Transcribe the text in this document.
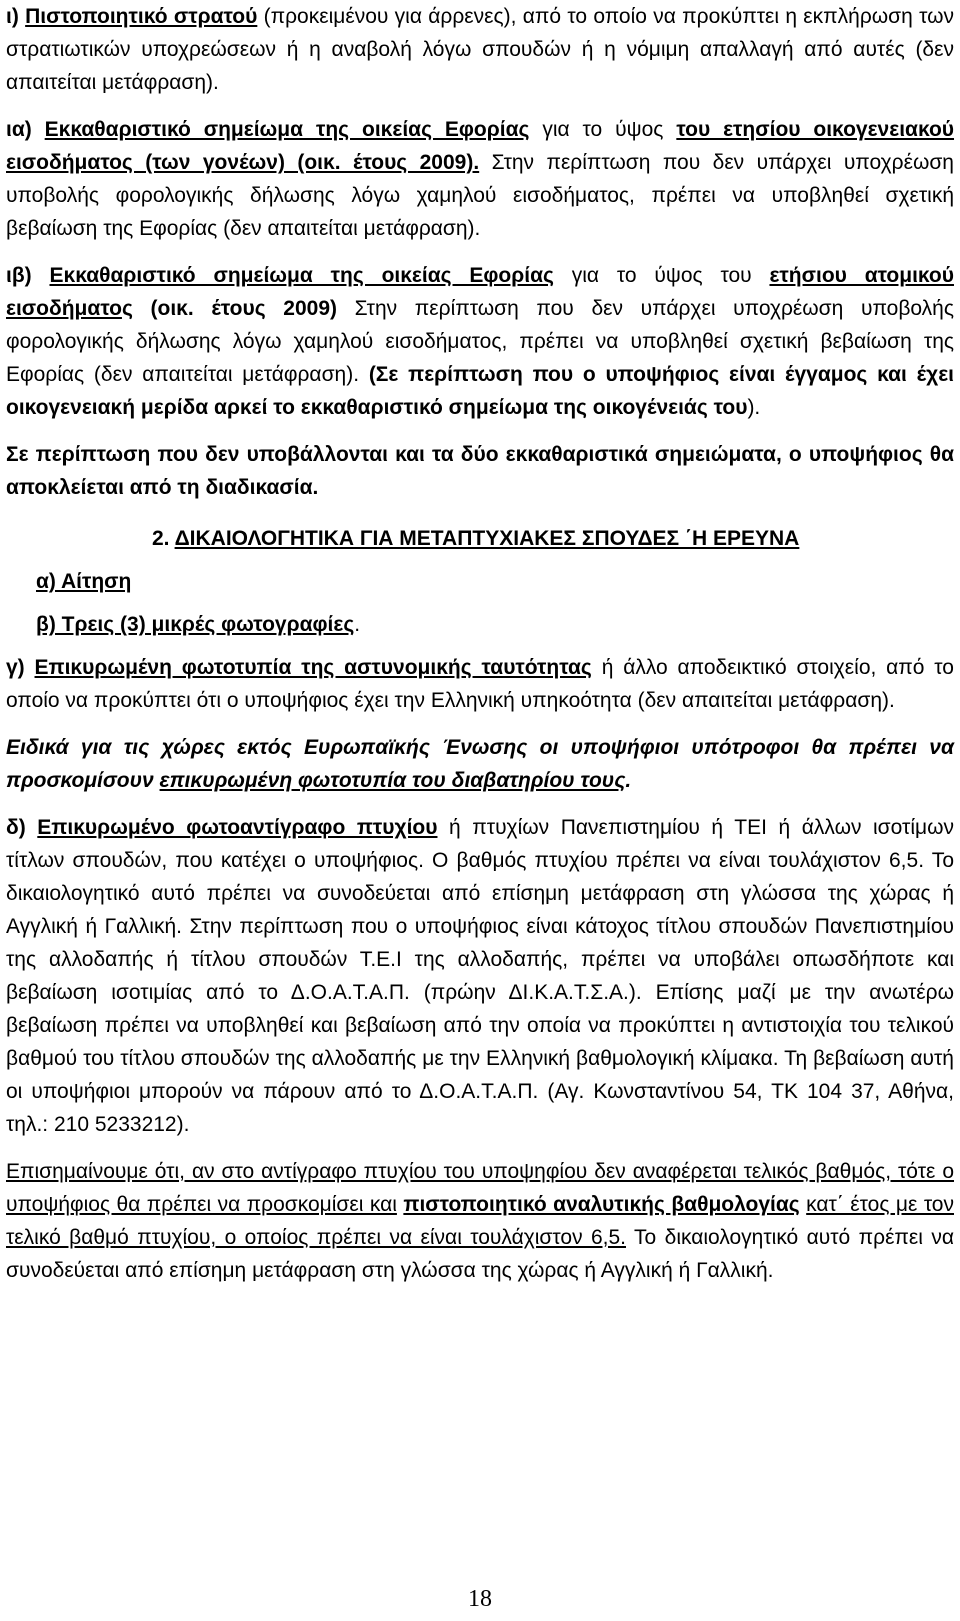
ι) Πιστοποιητικό στρατού (προκειμένου για άρρενες), από το οποίο να προκύπτει η εκπλήρωση των στρατιωτικών υποχρεώσεων ή η αναβολή λόγω σπουδών ή η νόμιμη απαλλαγή από αυτές (δεν απαιτείται μετάφραση).

ια) Εκκαθαριστικό σημείωμα της οικείας Εφορίας για το ύψος του ετησίου οικογενειακού εισοδήματος (των γονέων) (οικ. έτους 2009). Στην περίπτωση που δεν υπάρχει υποχρέωση υποβολής φορολογικής δήλωσης λόγω χαμηλού εισοδήματος, πρέπει να υποβληθεί σχετική βεβαίωση της Εφορίας (δεν απαιτείται μετάφραση).

ιβ) Εκκαθαριστικό σημείωμα της οικείας Εφορίας για το ύψος του ετήσιου ατομικού εισοδήματος (οικ. έτους 2009) Στην περίπτωση που δεν υπάρχει υποχρέωση υποβολής φορολογικής δήλωσης λόγω χαμηλού εισοδήματος, πρέπει να υποβληθεί σχετική βεβαίωση της Εφορίας (δεν απαιτείται μετάφραση). (Σε περίπτωση που ο υποψήφιος είναι έγγαμος και έχει οικογενειακή μερίδα αρκεί το εκκαθαριστικό σημείωμα της οικογένειάς του).

Σε περίπτωση που δεν υποβάλλονται και τα δύο εκκαθαριστικά σημειώματα, ο υποψήφιος θα αποκλείεται από τη διαδικασία.

2. ΔΙΚΑΙΟΛΟΓΗΤΙΚΑ ΓΙΑ ΜΕΤΑΠΤΥΧΙΑΚΕΣ ΣΠΟΥΔΕΣ ΄Η ΕΡΕΥΝΑ

α) Αίτηση

β) Τρεις (3) μικρές φωτογραφίες.

γ) Επικυρωμένη φωτοτυπία της αστυνομικής ταυτότητας ή άλλο αποδεικτικό στοιχείο, από το οποίο να προκύπτει ότι ο υποψήφιος έχει την Ελληνική υπηκοότητα (δεν απαιτείται μετάφραση).

Ειδικά για τις χώρες εκτός Ευρωπαϊκής Ένωσης οι υποψήφιοι υπότροφοι θα πρέπει να προσκομίσουν επικυρωμένη φωτοτυπία του διαβατηρίου τους.

δ) Επικυρωμένο φωτοαντίγραφο πτυχίου ή πτυχίων Πανεπιστημίου ή ΤΕΙ ή άλλων ισοτίμων τίτλων σπουδών, που κατέχει ο υποψήφιος. Ο βαθμός πτυχίου πρέπει να είναι τουλάχιστον 6,5. Το δικαιολογητικό αυτό πρέπει να συνοδεύεται από επίσημη μετάφραση στη γλώσσα της χώρας ή Αγγλική ή Γαλλική. Στην περίπτωση που ο υποψήφιος είναι κάτοχος τίτλου σπουδών Πανεπιστημίου της αλλοδαπής ή τίτλου σπουδών Τ.Ε.Ι της αλλοδαπής, πρέπει να υποβάλει οπωσδήποτε και βεβαίωση ισοτιμίας από το Δ.Ο.Α.Τ.Α.Π. (πρώην ΔΙ.Κ.Α.Τ.Σ.Α.). Επίσης μαζί με την ανωτέρω βεβαίωση πρέπει να υποβληθεί και βεβαίωση από την οποία να προκύπτει η αντιστοιχία του τελικού βαθμού του τίτλου σπουδών της αλλοδαπής με την Ελληνική βαθμολογική κλίμακα. Τη βεβαίωση αυτή οι υποψήφιοι μπορούν να πάρουν από το Δ.Ο.Α.Τ.Α.Π. (Αγ. Κωνσταντίνου 54, ΤΚ 104 37, Αθήνα, τηλ.: 210 5233212).

Επισημαίνουμε ότι, αν στο αντίγραφο πτυχίου του υποψηφίου δεν αναφέρεται τελικός βαθμός, τότε ο υποψήφιος θα πρέπει να προσκομίσει και πιστοποιητικό αναλυτικής βαθμολογίας κατ΄ έτος με τον τελικό βαθμό πτυχίου, ο οποίος πρέπει να είναι τουλάχιστον 6,5. Το δικαιολογητικό αυτό πρέπει να συνοδεύεται από επίσημη μετάφραση στη γλώσσα της χώρας ή Αγγλική ή Γαλλική.

18
